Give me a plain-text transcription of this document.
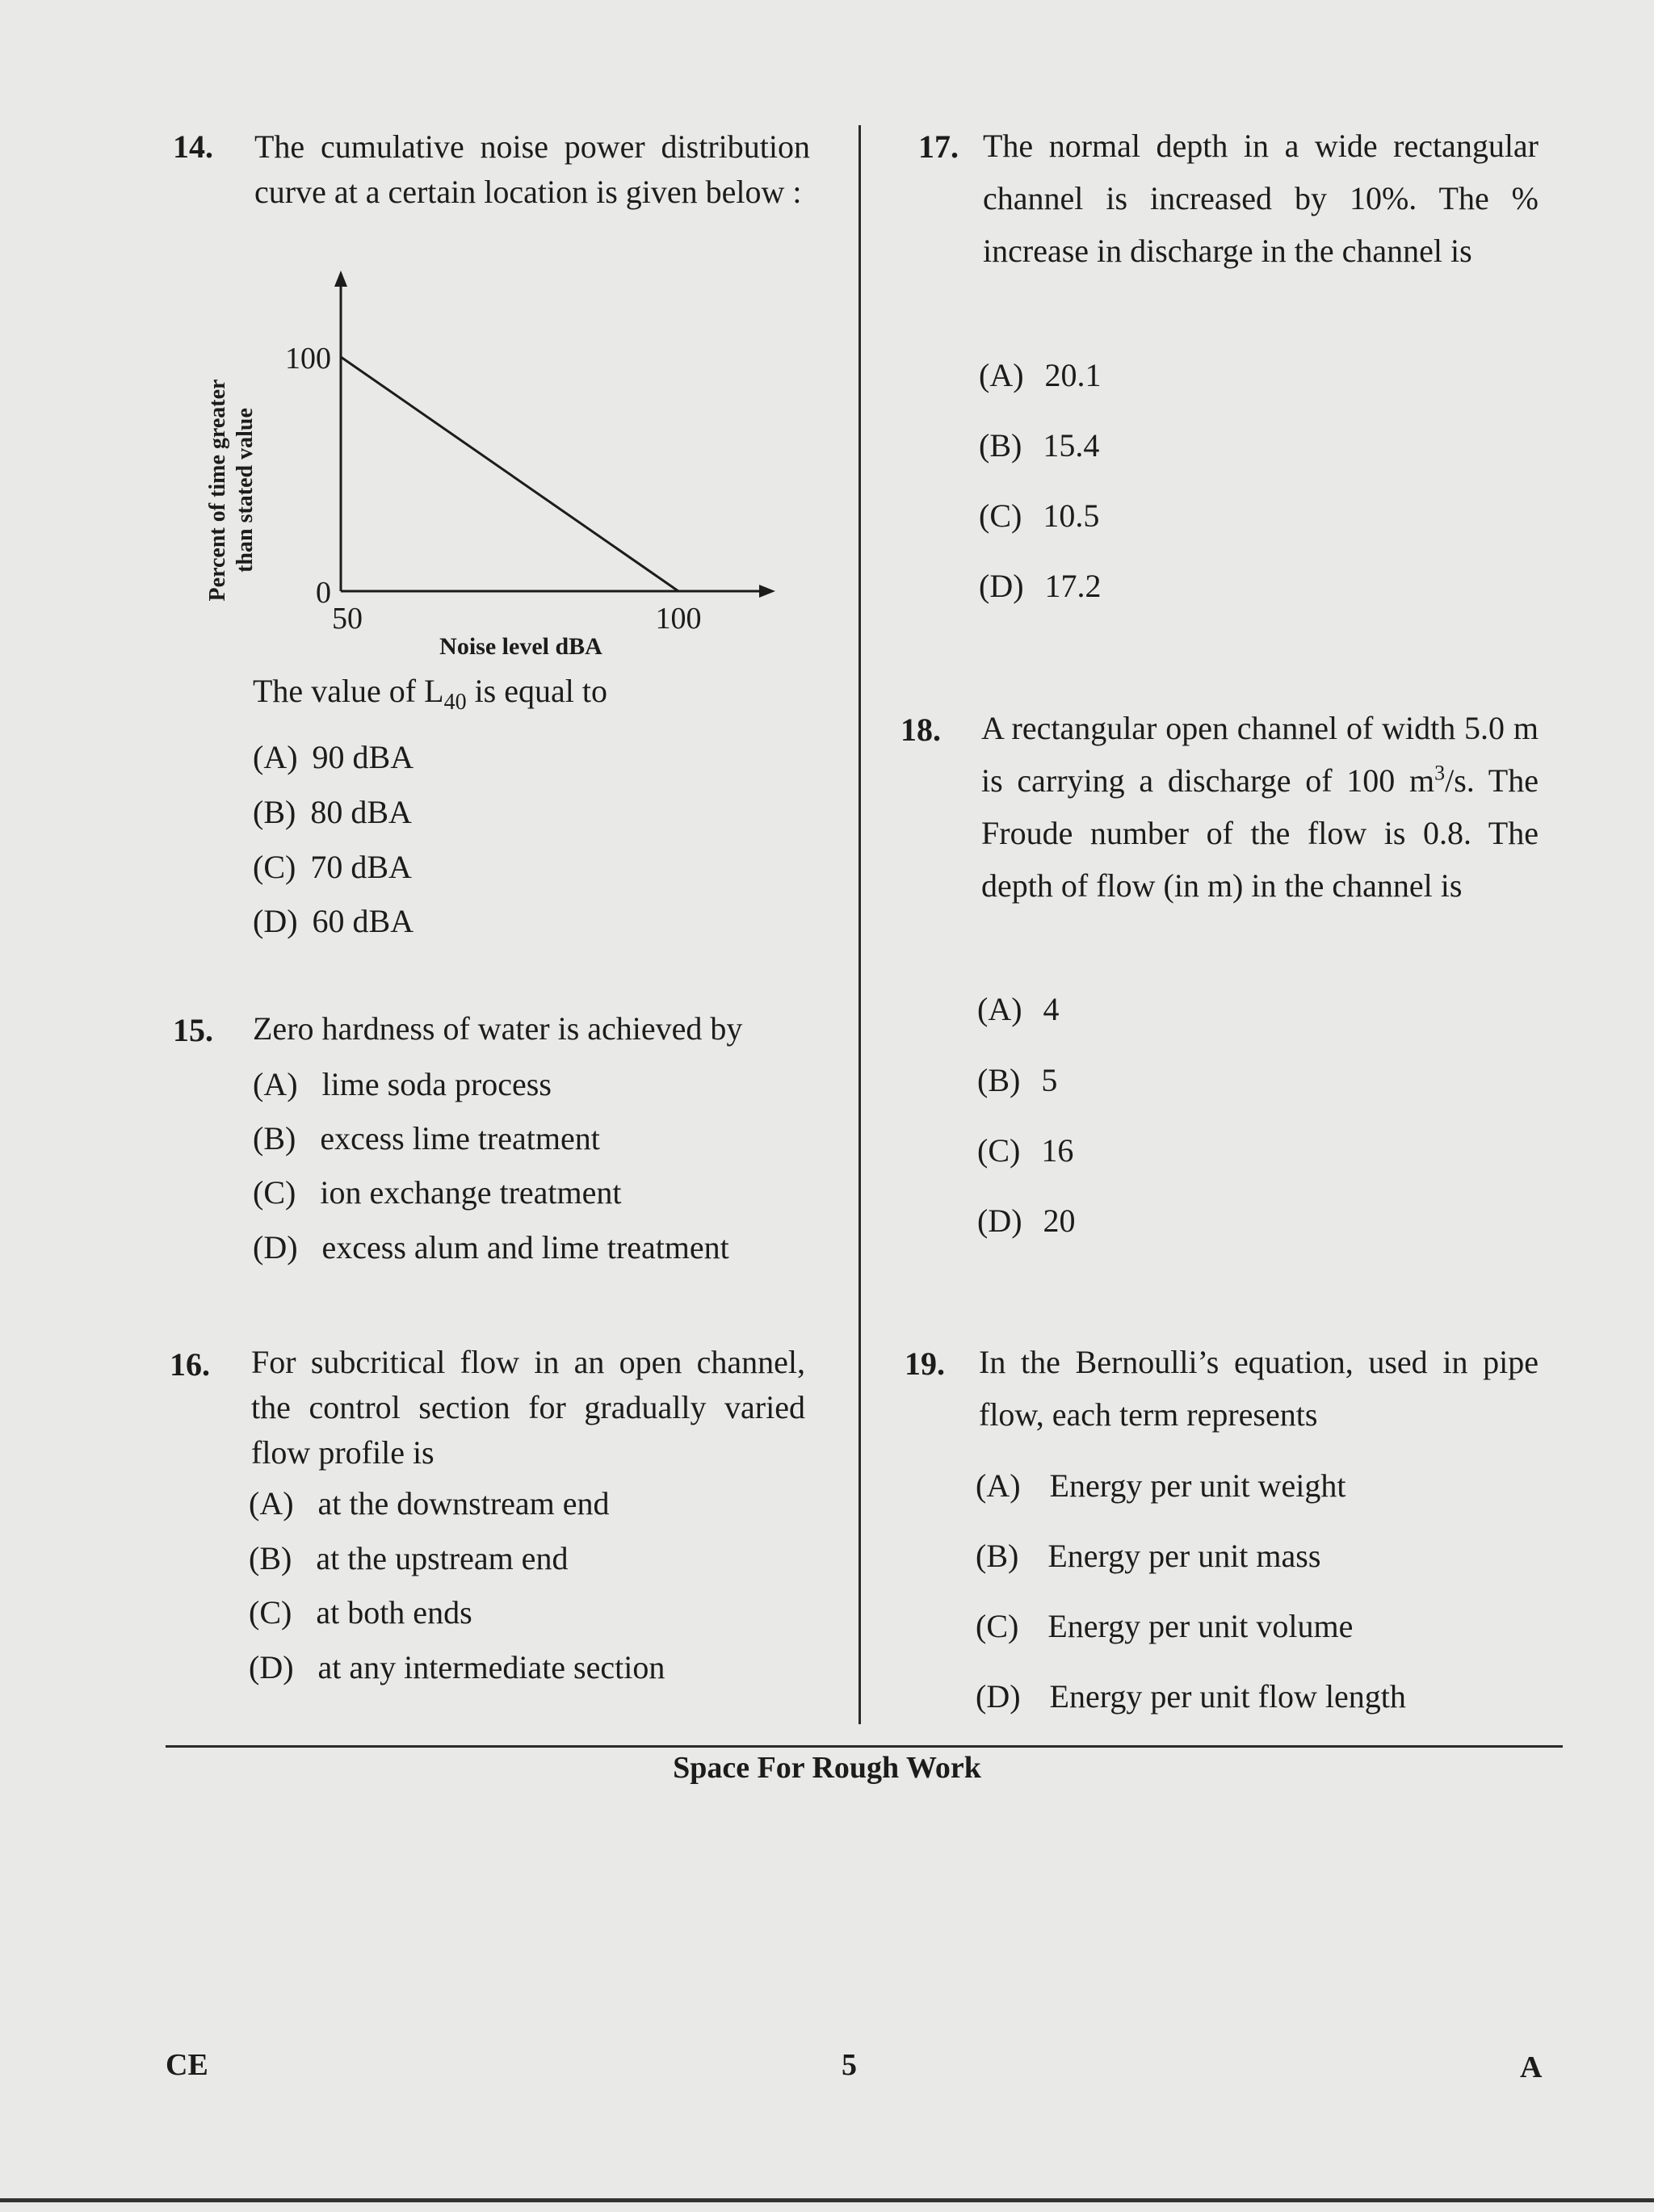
14. The cumulative noise power distribution curve at a certain location is given below :
100
0
50	100
Noise level dBA
Percent of time greater than stated value
The value of $L_{40}$ is equal to
(A) 90 dBA
(B) 80 dBA
(C) 70 dBA
(D) 60 dBA
15. Zero hardness of water is achieved by
(A) lime soda process
(B) excess lime treatment
(C) ion exchange treatment
(D) excess alum and lime treatment
16. For subcritical flow in an open channel, the control section for gradually varied flow profile is
(A) at the downstream end
(B) at the upstream end
(C) at both ends
(D) at any intermediate section
17. The normal depth in a wide rectangular channel is increased by 10%. The % increase in discharge in the channel is
(A) 20.1
(B) 15.4
(C) 10.5
(D) 17.2
18. A rectangular open channel of width 5.0 m is carrying a discharge of 100 $m^3/s$. The Froude number of the flow is 0.8. The depth of flow (in m) in the channel is
(A) 4
(B) 5
(C) 16
(D) 20
19. In the Bernoulli’s equation, used in pipe flow, each term represents
(A) Energy per unit weight
(B) Energy per unit mass
(C) Energy per unit volume
(D) Energy per unit flow length
Space For Rough Work
CE	5	A
